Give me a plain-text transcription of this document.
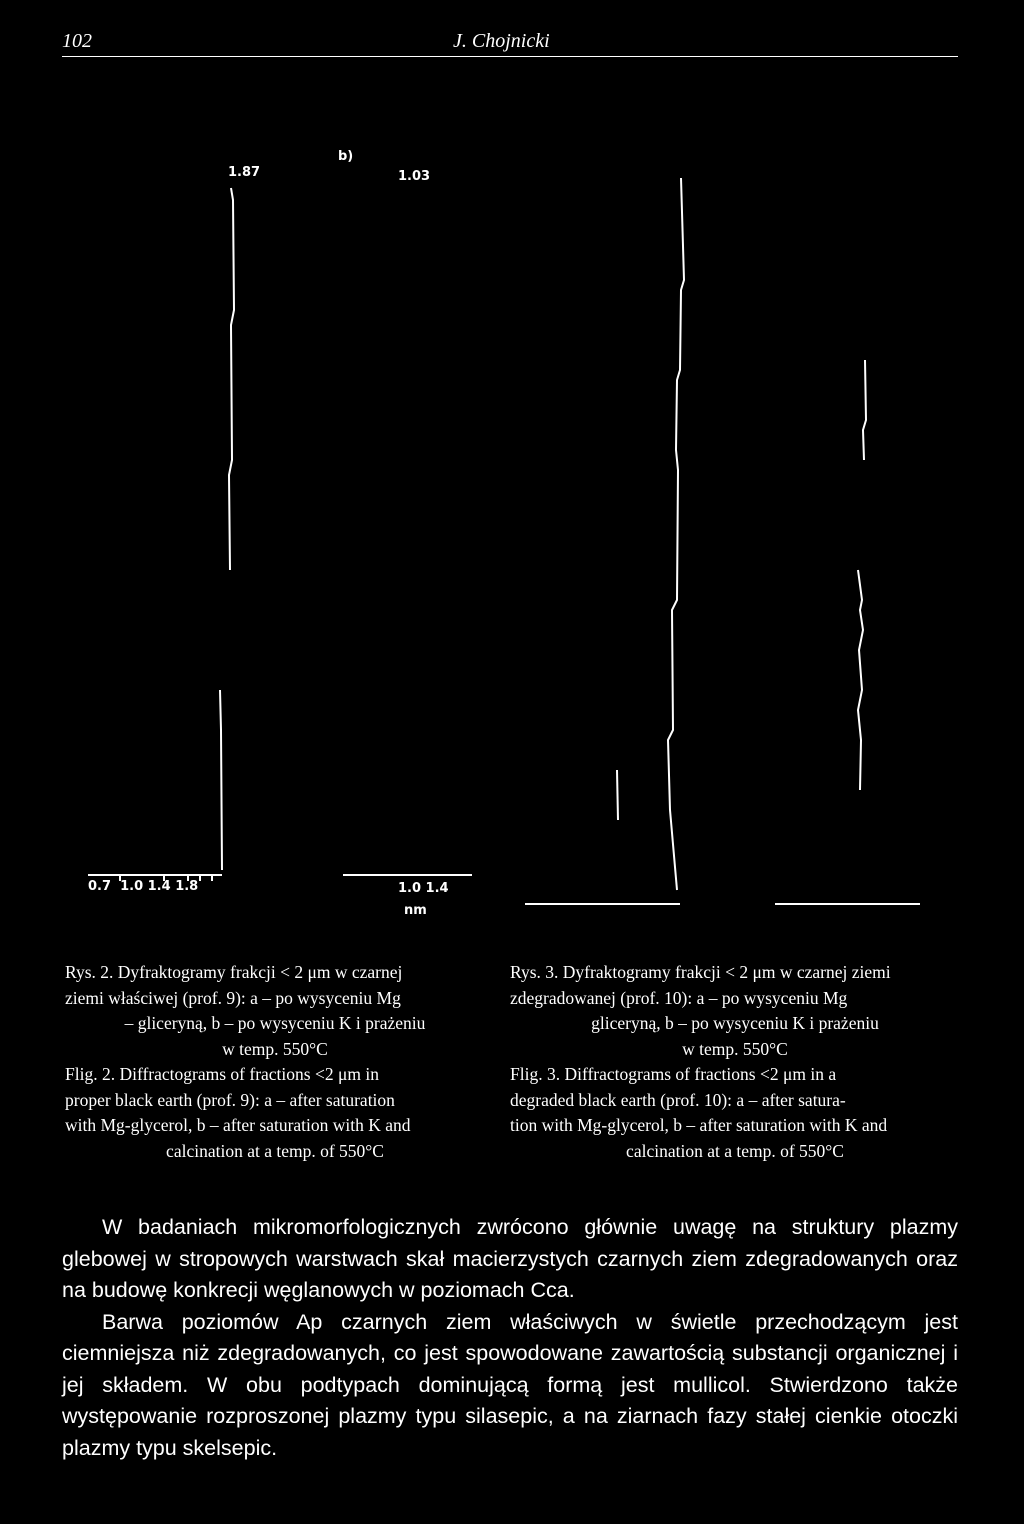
102	J. Chojnicki
1.87
b)
1.03
0.7  1.0 1.4 1.8	1.0 1.4
nm

Rys. 2. Dyfraktogramy frakcji < 2 μm w czarnej

ziemi właściwej (prof. 9): a – po wysyceniu Mg

– gliceryną, b – po wysyceniu K i prażeniu

w temp. 550°C

Flig. 2. Diffractograms of fractions <2 μm in

proper black earth (prof. 9): a – after saturation

with Mg-glycerol, b – after saturation with K and

calcination at a temp. of 550°C

Rys. 3. Dyfraktogramy frakcji < 2 μm w czarnej ziemi

zdegradowanej (prof. 10): a – po wysyceniu Mg

gliceryną, b – po wysyceniu K i prażeniu

w temp. 550°C

Flig. 3. Diffractograms of fractions <2 μm in a

degraded black earth (prof. 10): a – after satura-

tion with Mg-glycerol, b – after saturation with K and

calcination at a temp. of 550°C

W badaniach mikromorfologicznych zwrócono głównie uwagę na struktury plazmy glebowej w stropowych warstwach skał macierzystych czarnych ziem zdegradowanych oraz na budowę konkrecji węglanowych w poziomach Cca.

Barwa poziomów Ap czarnych ziem właściwych w świetle przechodzącym jest ciemniejsza niż zdegradowanych, co jest spowodowane zawartością substancji organicznej i jej składem. W obu podtypach dominującą formą jest mullicol. Stwierdzono także występowanie rozproszonej plazmy typu silasepic, a na ziarnach fazy stałej cienkie otoczki plazmy typu skelsepic.
